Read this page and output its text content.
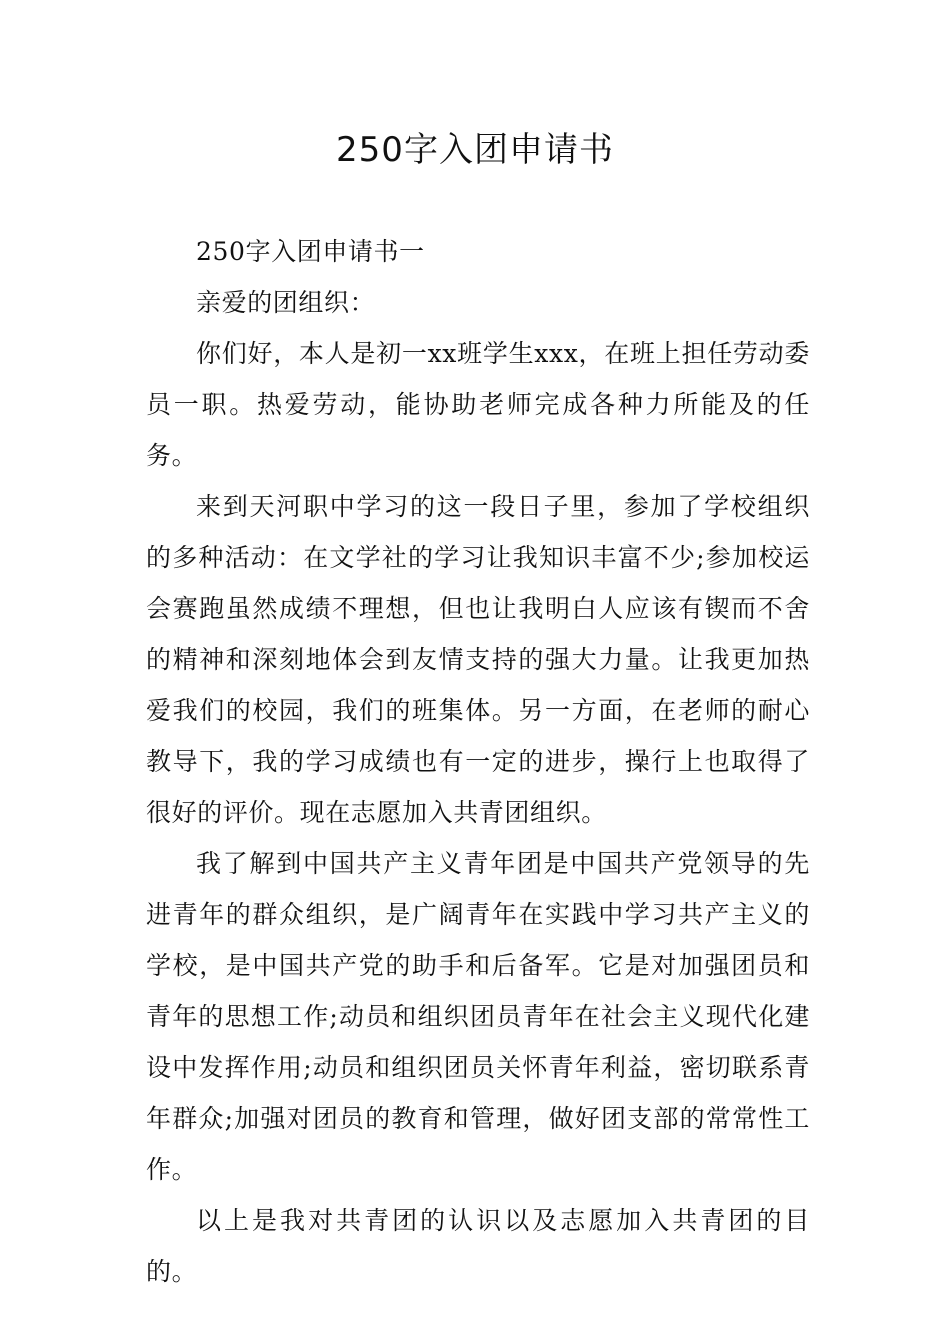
250字入团申请书

250字入团申请书一

亲爱的团组织：

你们好，本人是初一xx班学生xxx，在班上担任劳动委员一职。热爱劳动，能协助老师完成各种力所能及的任务。

来到天河职中学习的这一段日子里，参加了学校组织的多种活动：在文学社的学习让我知识丰富不少;参加校运会赛跑虽然成绩不理想，但也让我明白人应该有锲而不舍的精神和深刻地体会到友情支持的强大力量。让我更加热爱我们的校园，我们的班集体。另一方面，在老师的耐心教导下，我的学习成绩也有一定的进步，操行上也取得了很好的评价。现在志愿加入共青团组织。

我了解到中国共产主义青年团是中国共产党领导的先进青年的群众组织，是广阔青年在实践中学习共产主义的学校，是中国共产党的助手和后备军。它是对加强团员和青年的思想工作;动员和组织团员青年在社会主义现代化建设中发挥作用;动员和组织团员关怀青年利益，密切联系青年群众;加强对团员的教育和管理，做好团支部的常常性工作。

以上是我对共青团的认识以及志愿加入共青团的目的。
